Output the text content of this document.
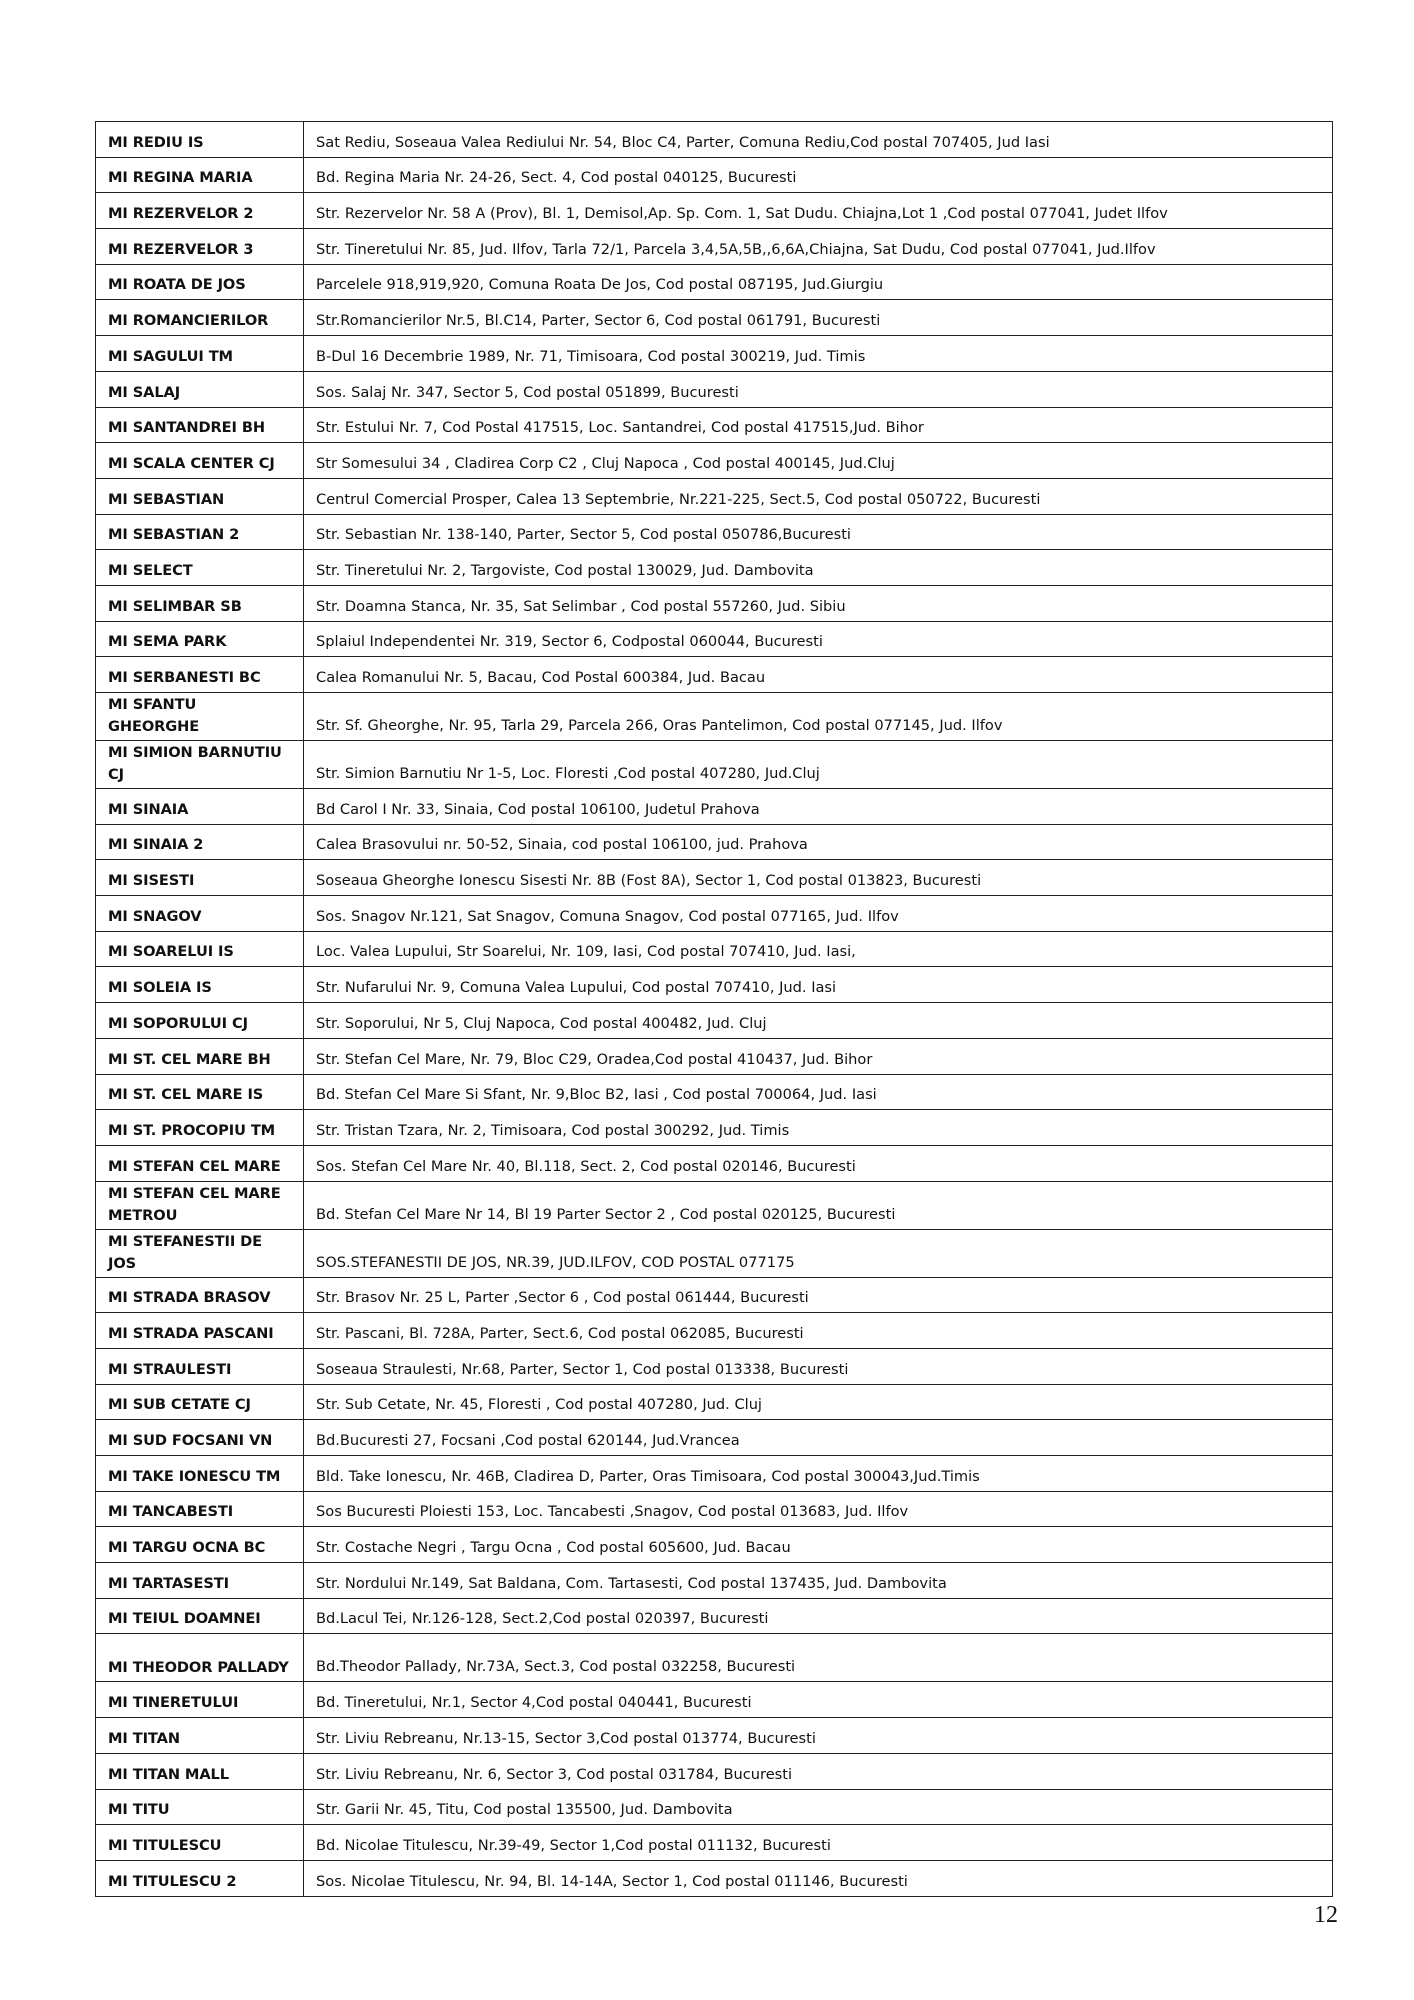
MI REDIU IS	Sat Rediu, Soseaua Valea Rediului Nr. 54, Bloc C4, Parter, Comuna Rediu,Cod postal 707405, Jud Iasi
MI REGINA MARIA	Bd. Regina Maria Nr. 24-26, Sect. 4, Cod postal 040125, Bucuresti
MI REZERVELOR 2	Str. Rezervelor Nr. 58 A (Prov), Bl. 1, Demisol,Ap. Sp. Com. 1, Sat Dudu. Chiajna,Lot 1 ,Cod postal 077041, Judet Ilfov
MI REZERVELOR 3	Str. Tineretului Nr. 85, Jud. Ilfov, Tarla 72/1, Parcela 3,4,5A,5B,,6,6A,Chiajna, Sat Dudu, Cod postal 077041, Jud.Ilfov
MI ROATA DE JOS	Parcelele 918,919,920, Comuna Roata De Jos, Cod postal 087195, Jud.Giurgiu
MI ROMANCIERILOR	Str.Romancierilor Nr.5, Bl.C14, Parter, Sector 6, Cod postal 061791, Bucuresti
MI SAGULUI TM	B-Dul 16 Decembrie 1989, Nr. 71, Timisoara, Cod postal 300219, Jud. Timis
MI SALAJ	Sos. Salaj Nr. 347, Sector 5, Cod postal 051899, Bucuresti
MI SANTANDREI BH	Str. Estului Nr. 7, Cod Postal 417515, Loc. Santandrei, Cod postal 417515,Jud. Bihor
MI SCALA CENTER CJ	Str Somesului 34 , Cladirea Corp C2 , Cluj Napoca , Cod postal 400145, Jud.Cluj
MI SEBASTIAN	Centrul Comercial Prosper, Calea 13 Septembrie, Nr.221-225, Sect.5, Cod postal 050722, Bucuresti
MI SEBASTIAN 2	Str. Sebastian Nr. 138-140, Parter, Sector 5, Cod postal 050786,Bucuresti
MI SELECT	Str. Tineretului Nr. 2, Targoviste, Cod postal 130029, Jud. Dambovita
MI SELIMBAR SB	Str. Doamna Stanca, Nr. 35, Sat Selimbar , Cod postal 557260, Jud. Sibiu
MI SEMA PARK	Splaiul Independentei Nr. 319, Sector 6, Codpostal 060044, Bucuresti
MI SERBANESTI BC	Calea Romanului Nr. 5, Bacau, Cod Postal 600384, Jud. Bacau
MI SFANTU GHEORGHE	Str. Sf. Gheorghe, Nr. 95, Tarla 29, Parcela 266, Oras Pantelimon, Cod postal 077145, Jud. Ilfov
MI SIMION BARNUTIU CJ	Str. Simion Barnutiu Nr 1-5, Loc. Floresti ,Cod postal 407280, Jud.Cluj
MI SINAIA	Bd Carol I Nr. 33, Sinaia, Cod postal 106100, Judetul Prahova
MI SINAIA 2	Calea Brasovului nr. 50-52, Sinaia, cod postal 106100, jud. Prahova
MI SISESTI	Soseaua Gheorghe Ionescu Sisesti Nr. 8B (Fost 8A), Sector 1, Cod postal 013823, Bucuresti
MI SNAGOV	Sos. Snagov Nr.121, Sat Snagov, Comuna Snagov, Cod postal 077165, Jud. Ilfov
MI SOARELUI IS	Loc. Valea Lupului, Str Soarelui, Nr. 109, Iasi, Cod postal 707410, Jud. Iasi,
MI SOLEIA IS	Str. Nufarului Nr. 9, Comuna Valea Lupului, Cod postal 707410, Jud. Iasi
MI SOPORULUI CJ	Str. Soporului, Nr 5, Cluj Napoca, Cod postal 400482, Jud. Cluj
MI ST. CEL MARE BH	Str. Stefan Cel Mare, Nr. 79, Bloc C29, Oradea,Cod postal 410437, Jud. Bihor
MI ST. CEL MARE IS	Bd. Stefan Cel Mare Si Sfant, Nr. 9,Bloc B2, Iasi , Cod postal 700064, Jud. Iasi
MI ST. PROCOPIU TM	Str. Tristan Tzara, Nr. 2, Timisoara, Cod postal 300292, Jud. Timis
MI STEFAN CEL MARE	Sos. Stefan Cel Mare Nr. 40, Bl.118, Sect. 2, Cod postal 020146, Bucuresti
MI STEFAN CEL MARE METROU	Bd. Stefan Cel Mare Nr 14, Bl 19 Parter Sector 2 , Cod postal 020125, Bucuresti
MI STEFANESTII DE JOS	SOS.STEFANESTII DE JOS, NR.39, JUD.ILFOV, COD POSTAL 077175
MI STRADA BRASOV	Str. Brasov Nr. 25 L, Parter ,Sector 6 , Cod postal 061444, Bucuresti
MI STRADA PASCANI	Str. Pascani, Bl. 728A, Parter, Sect.6, Cod postal 062085, Bucuresti
MI STRAULESTI	Soseaua Straulesti, Nr.68, Parter, Sector 1, Cod postal 013338, Bucuresti
MI SUB CETATE CJ	Str. Sub Cetate, Nr. 45, Floresti , Cod postal 407280, Jud. Cluj
MI SUD FOCSANI VN	Bd.Bucuresti 27, Focsani ,Cod postal 620144, Jud.Vrancea
MI TAKE IONESCU TM	Bld. Take Ionescu, Nr. 46B, Cladirea D, Parter, Oras Timisoara, Cod postal 300043,Jud.Timis
MI TANCABESTI	Sos Bucuresti Ploiesti 153, Loc. Tancabesti ,Snagov, Cod postal 013683, Jud. Ilfov
MI TARGU OCNA BC	Str. Costache Negri , Targu Ocna , Cod postal 605600, Jud. Bacau
MI TARTASESTI	Str. Nordului Nr.149, Sat Baldana, Com. Tartasesti, Cod postal 137435, Jud. Dambovita
MI TEIUL DOAMNEI	Bd.Lacul Tei, Nr.126-128, Sect.2,Cod postal 020397, Bucuresti
MI THEODOR PALLADY	Bd.Theodor Pallady, Nr.73A, Sect.3, Cod postal 032258, Bucuresti
MI TINERETULUI	Bd. Tineretului, Nr.1, Sector 4,Cod postal 040441, Bucuresti
MI TITAN	Str. Liviu Rebreanu, Nr.13-15, Sector 3,Cod postal 013774, Bucuresti
MI TITAN MALL	Str. Liviu Rebreanu, Nr. 6, Sector 3, Cod postal 031784, Bucuresti
MI TITU	Str. Garii Nr. 45, Titu, Cod postal 135500, Jud. Dambovita
MI TITULESCU	Bd. Nicolae Titulescu, Nr.39-49, Sector 1,Cod postal 011132, Bucuresti
MI TITULESCU 2	Sos. Nicolae Titulescu, Nr. 94, Bl. 14-14A, Sector 1, Cod postal 011146, Bucuresti
12
